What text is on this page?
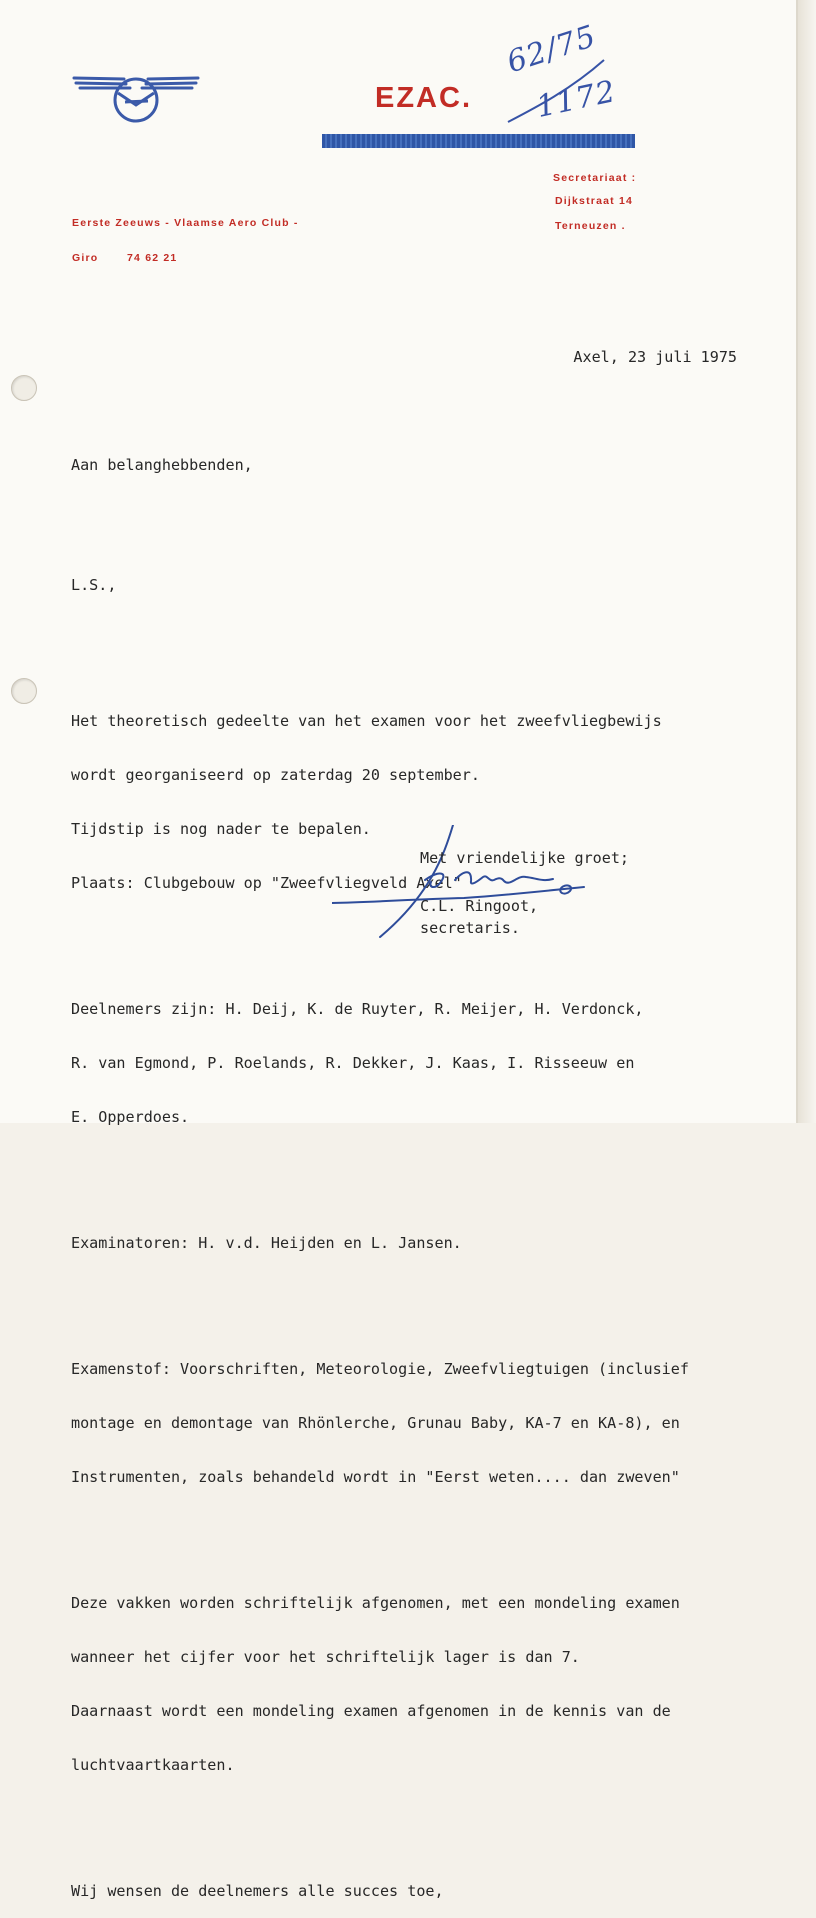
EZAC.
62/75
1172
Secretariaat :
Dijkstraat 14
Terneuzen .
Eerste Zeeuws - Vlaamse Aero Club -
Giro	74 62 21
Axel, 23 juli 1975

Aan belanghebbenden,

L.S.,

Het theoretisch gedeelte van het examen voor het zweefvliegbewijs

wordt georganiseerd op zaterdag 20 september.

Tijdstip is nog nader te bepalen.

Plaats: Clubgebouw op "Zweefvliegveld Axel"

Deelnemers zijn: H. Deij, K. de Ruyter, R. Meijer, H. Verdonck,

R. van Egmond, P. Roelands, R. Dekker, J. Kaas, I. Risseeuw en

E. Opperdoes.

Examinatoren: H. v.d. Heijden en L. Jansen.

Examenstof: Voorschriften, Meteorologie, Zweefvliegtuigen (inclusief

montage en demontage van Rhönlerche, Grunau Baby, KA-7 en KA-8), en

Instrumenten, zoals behandeld wordt in "Eerst weten.... dan zweven"

Deze vakken worden schriftelijk afgenomen, met een mondeling examen

wanneer het cijfer voor het schriftelijk lager is dan 7.

Daarnaast wordt een mondeling examen afgenomen in de kennis van de

luchtvaartkaarten.

Wij wensen de deelnemers alle succes toe,

Met vriendelijke groet;
C.L. Ringoot,
secretaris.
